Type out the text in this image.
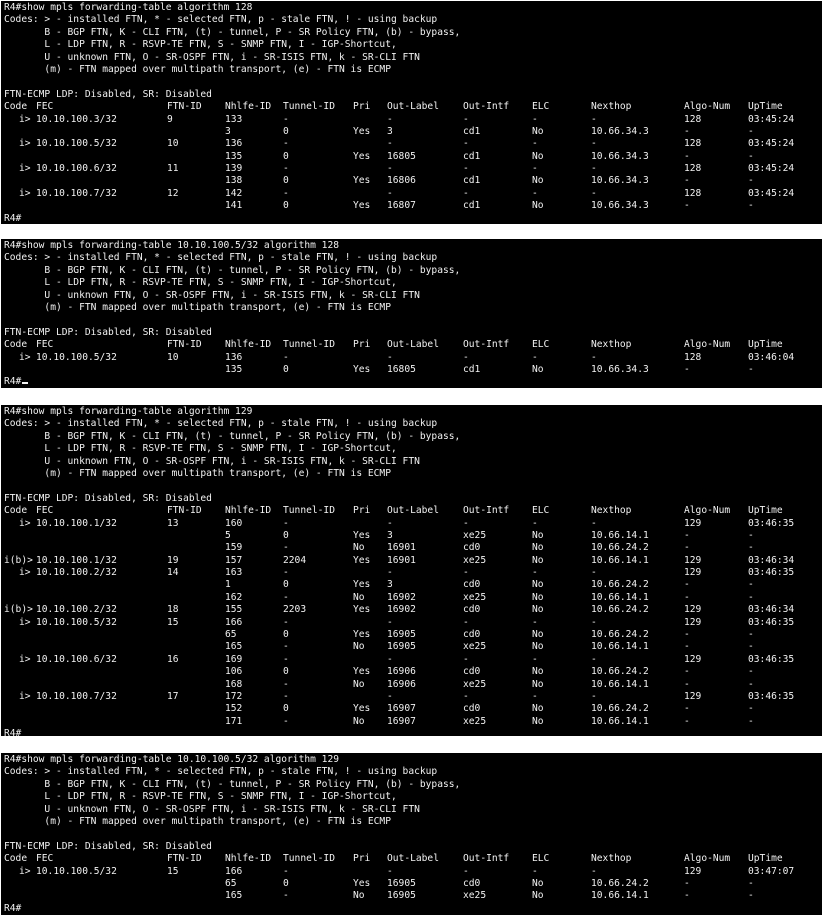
R4#show mpls forwarding-table algorithm 128
Codes: > - installed FTN, * - selected FTN, p - stale FTN, ! - using backup
B - BGP FTN, K - CLI FTN, (t) - tunnel, P - SR Policy FTN, (b) - bypass,
L - LDP FTN, R - RSVP-TE FTN, S - SNMP FTN, I - IGP-Shortcut,
U - unknown FTN, O - SR-OSPF FTN, i - SR-ISIS FTN, k - SR-CLI FTN
(m) - FTN mapped over multipath transport, (e) - FTN is ECMP
FTN-ECMP LDP: Disabled, SR: Disabled
Code FEC	FTN-ID Nhlfe-ID Tunnel-ID Pri Out-Label	Out-Intf ELC	Nexthop	Algo-Num UpTime
i> 10.10.100.3/32	9	133	-	-	-	-	-	128	03:45:24
3	0	Yes 3	cd1	No	10.66.34.3	-	-
i> 10.10.100.5/32	10	136	-	-	-	-	-	128	03:45:24
135	0	Yes 16805	cd1	No	10.66.34.3	-	-
i> 10.10.100.6/32	11	139	-	-	-	-	-	128	03:45:24
138	0	Yes 16806	cd1	No	10.66.34.3	-	-
i> 10.10.100.7/32	12	142	-	-	-	-	-	128	03:45:24
141	0	Yes 16807	cd1	No	10.66.34.3	-	-
R4#
R4#show mpls forwarding-table 10.10.100.5/32 algorithm 128
Codes: > - installed FTN, * - selected FTN, p - stale FTN, ! - using backup
B - BGP FTN, K - CLI FTN, (t) - tunnel, P - SR Policy FTN, (b) - bypass,
L - LDP FTN, R - RSVP-TE FTN, S - SNMP FTN, I - IGP-Shortcut,
U - unknown FTN, O - SR-OSPF FTN, i - SR-ISIS FTN, k - SR-CLI FTN
(m) - FTN mapped over multipath transport, (e) - FTN is ECMP
FTN-ECMP LDP: Disabled, SR: Disabled
Code FEC	FTN-ID Nhlfe-ID Tunnel-ID Pri Out-Label	Out-Intf ELC	Nexthop	Algo-Num UpTime
i> 10.10.100.5/32	10	136	-	-	-	-	-	128	03:46:04
135	0	Yes 16805	cd1	No	10.66.34.3	-	-
R4#
R4#show mpls forwarding-table algorithm 129
Codes: > - installed FTN, * - selected FTN, p - stale FTN, ! - using backup
B - BGP FTN, K - CLI FTN, (t) - tunnel, P - SR Policy FTN, (b) - bypass,
L - LDP FTN, R - RSVP-TE FTN, S - SNMP FTN, I - IGP-Shortcut,
U - unknown FTN, O - SR-OSPF FTN, i - SR-ISIS FTN, k - SR-CLI FTN
(m) - FTN mapped over multipath transport, (e) - FTN is ECMP
FTN-ECMP LDP: Disabled, SR: Disabled
Code FEC	FTN-ID Nhlfe-ID Tunnel-ID Pri Out-Label	Out-Intf ELC	Nexthop	Algo-Num UpTime
i> 10.10.100.1/32	13	160	-	-	-	-	-	129	03:46:35
5	0	Yes 3	xe25	No	10.66.14.1	-	-
159	-	No 16901	cd0	No	10.66.24.2	-	-
i(b)> 10.10.100.1/32	19	157	2204	Yes 16901	xe25	No	10.66.14.1	129	03:46:34
i> 10.10.100.2/32	14	163	-	-	-	-	-	129	03:46:35
1	0	Yes 3	cd0	No	10.66.24.2	-	-
162	-	No 16902	xe25	No	10.66.14.1	-	-
i(b)> 10.10.100.2/32	18	155	2203	Yes 16902	cd0	No	10.66.24.2	129	03:46:34
i> 10.10.100.5/32	15	166	-	-	-	-	-	129	03:46:35
65	0	Yes 16905	cd0	No	10.66.24.2	-	-
165	-	No 16905	xe25	No	10.66.14.1	-	-
i> 10.10.100.6/32	16	169	-	-	-	-	-	129	03:46:35
106	0	Yes 16906	cd0	No	10.66.24.2	-	-
168	-	No 16906	xe25	No	10.66.14.1	-	-
i> 10.10.100.7/32	17	172	-	-	-	-	-	129	03:46:35
152	0	Yes 16907	cd0	No	10.66.24.2	-	-
171	-	No 16907	xe25	No	10.66.14.1	-	-
R4#
R4#show mpls forwarding-table 10.10.100.5/32 algorithm 129
Codes: > - installed FTN, * - selected FTN, p - stale FTN, ! - using backup
B - BGP FTN, K - CLI FTN, (t) - tunnel, P - SR Policy FTN, (b) - bypass,
L - LDP FTN, R - RSVP-TE FTN, S - SNMP FTN, I - IGP-Shortcut,
U - unknown FTN, O - SR-OSPF FTN, i - SR-ISIS FTN, k - SR-CLI FTN
(m) - FTN mapped over multipath transport, (e) - FTN is ECMP
FTN-ECMP LDP: Disabled, SR: Disabled
Code FEC	FTN-ID Nhlfe-ID Tunnel-ID Pri Out-Label	Out-Intf ELC	Nexthop	Algo-Num UpTime
i> 10.10.100.5/32	15	166	-	-	-	-	-	129	03:47:07
65	0	Yes 16905	cd0	No	10.66.24.2	-	-
165	-	No 16905	xe25	No	10.66.14.1	-	-
R4#
